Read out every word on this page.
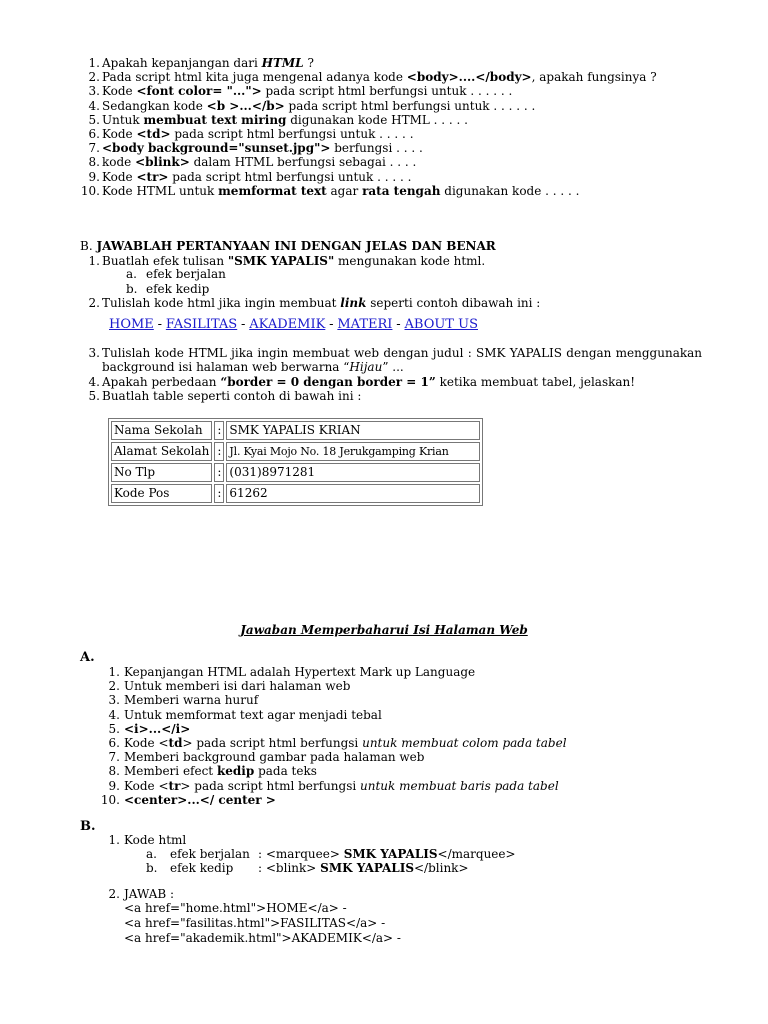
1. Apakah kepanjangan dari HTML ?
2. Pada script html kita juga mengenal adanya kode <body>....</body>, apakah fungsinya ?
3. Kode <font color= "..."> pada script html berfungsi untuk . . . . . .
4. Sedangkan kode <b >...</b> pada script html berfungsi untuk . . . . . .
5. Untuk membuat text miring digunakan kode HTML . . . . .
6. Kode <td> pada script html berfungsi untuk . . . . .
7. <body background="sunset.jpg"> berfungsi . . . .
8. kode <blink> dalam HTML berfungsi sebagai . . . .
9. Kode <tr> pada script html berfungsi untuk . . . . .
10. Kode HTML untuk memformat text agar rata tengah digunakan kode . . . . .
B. JAWABLAH PERTANYAAN INI DENGAN JELAS DAN BENAR
1. Buatlah efek tulisan "SMK YAPALIS" mengunakan kode html.
a. efek berjalan
b. efek kedip
2. Tulislah kode html jika ingin membuat link seperti contoh dibawah ini :
HOME - FASILITAS - AKADEMIK - MATERI - ABOUT US
3. Tulislah kode HTML jika ingin membuat web dengan judul : SMK YAPALIS dengan menggunakan background isi halaman web berwarna “Hijau” ...
4. Apakah perbedaan “border = 0 dengan border = 1” ketika membuat tabel, jelaskan!
5. Buatlah table seperti contoh di bawah ini :
Nama Sekolah	:	SMK YAPALIS KRIAN
Alamat Sekolah	:	Jl. Kyai Mojo No. 18 Jerukgamping Krian
No Tlp	:	(031)8971281
Kode Pos	:	61262
Jawaban Memperbaharui Isi Halaman Web
A.
1. Kepanjangan HTML adalah Hypertext Mark up Language
2. Untuk memberi isi dari halaman web
3. Memberi warna huruf
4. Untuk memformat text agar menjadi tebal
5. <i>...</i>
6. Kode <td> pada script html berfungsi untuk membuat colom pada tabel
7. Memberi background gambar pada halaman web
8. Memberi efect kedip pada teks
9. Kode <tr> pada script html berfungsi untuk membuat baris pada tabel
10. <center>...</ center >
B.
1. Kode html
a. efek berjalan : <marquee> SMK YAPALIS</marquee>
b. efek kedip : <blink> SMK YAPALIS</blink>
2. JAWAB :
<a href="home.html">HOME</a> -
<a href="fasilitas.html">FASILITAS</a> -
<a href="akademik.html">AKADEMIK</a> -
